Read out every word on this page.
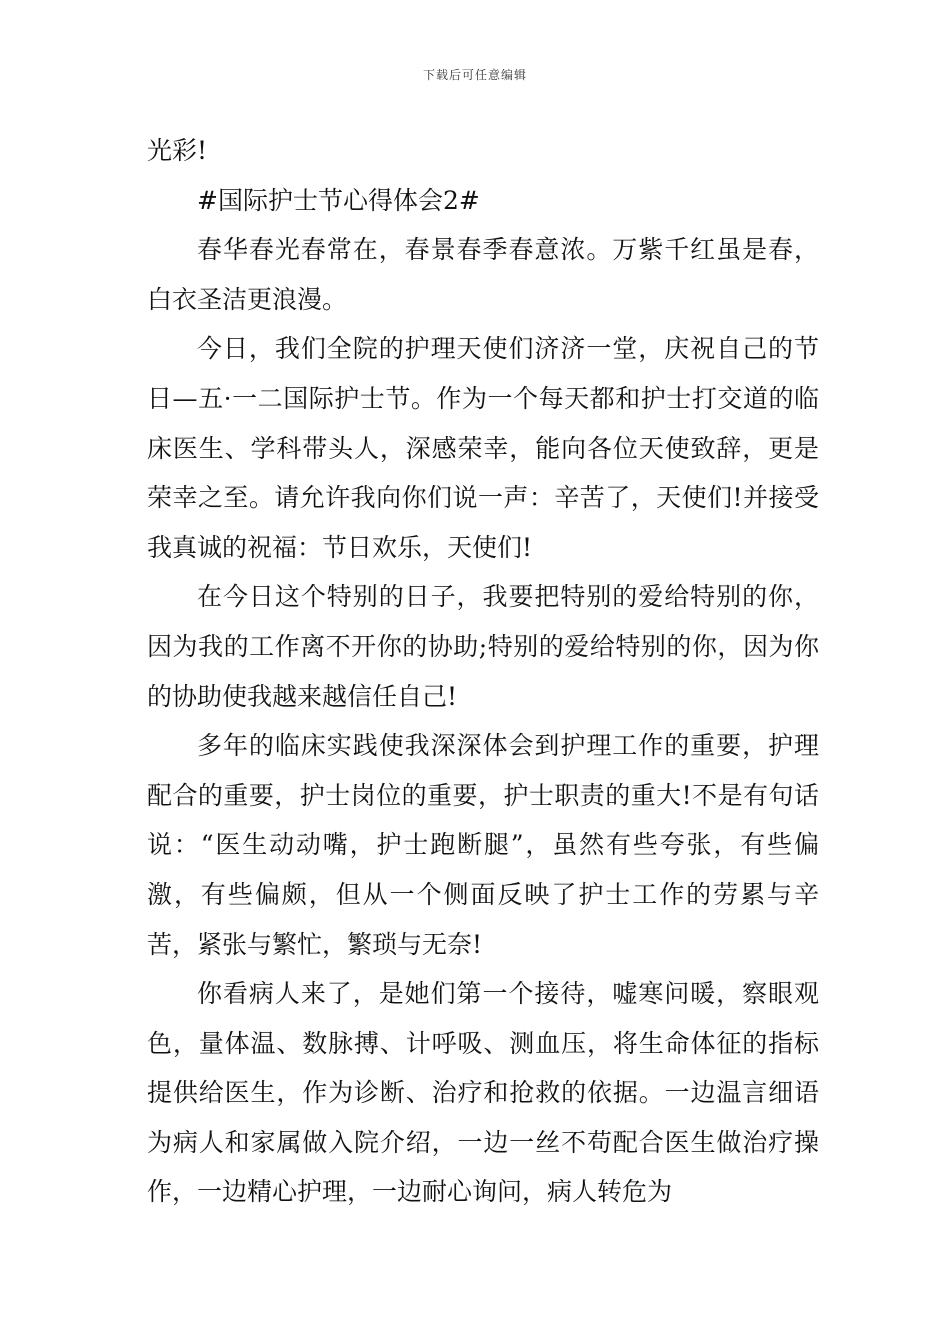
下载后可任意编辑

光彩!

#国际护士节心得体会2#

春华春光春常在，春景春季春意浓。万紫千红虽是春，白衣圣洁更浪漫。

今日，我们全院的护理天使们济济一堂，庆祝自己的节日—五·一二国际护士节。作为一个每天都和护士打交道的临床医生、学科带头人，深感荣幸，能向各位天使致辞，更是荣幸之至。请允许我向你们说一声：辛苦了，天使们!并接受我真诚的祝福：节日欢乐，天使们!

在今日这个特别的日子，我要把特别的爱给特别的你，因为我的工作离不开你的协助;特别的爱给特别的你，因为你的协助使我越来越信任自己!

多年的临床实践使我深深体会到护理工作的重要，护理配合的重要，护士岗位的重要，护士职责的重大!不是有句话说：“医生动动嘴，护士跑断腿”，虽然有些夸张，有些偏激，有些偏颇，但从一个侧面反映了护士工作的劳累与辛苦，紧张与繁忙，繁琐与无奈!

你看病人来了，是她们第一个接待，嘘寒问暖，察眼观色，量体温、数脉搏、计呼吸、测血压，将生命体征的指标提供给医生，作为诊断、治疗和抢救的依据。一边温言细语为病人和家属做入院介绍，一边一丝不苟配合医生做治疗操作，一边精心护理，一边耐心询问，病人转危为
